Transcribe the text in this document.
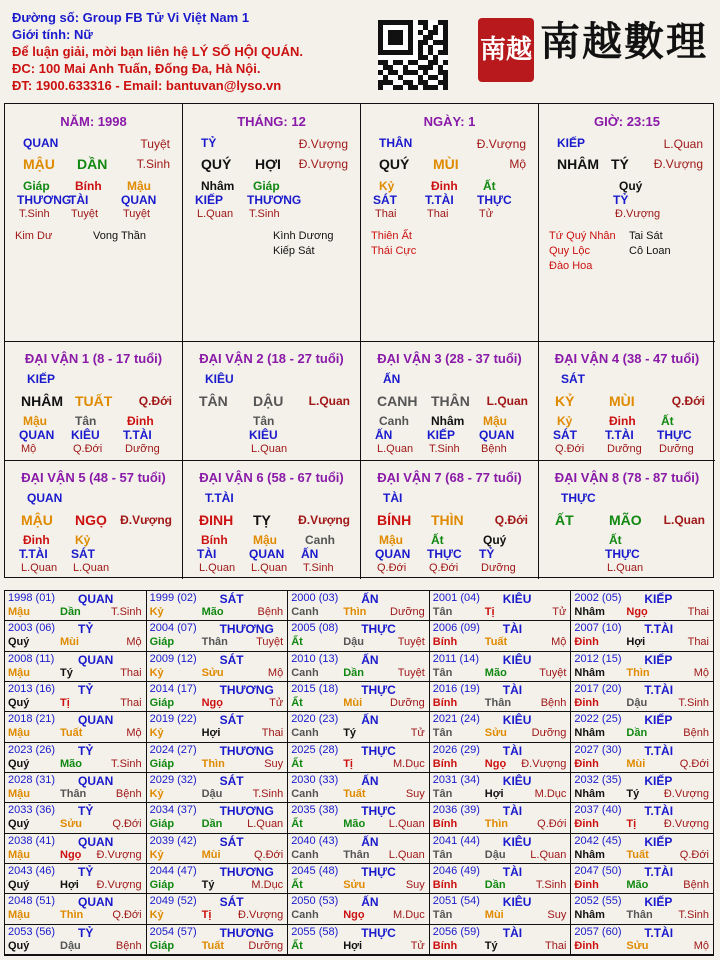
Đường số: Group FB Tử Vi Việt Nam 1
Giới tính: Nữ
Để luận giải, mời bạn liên hệ LÝ SỐ HỘI QUÁN.
ĐC: 100 Mai Anh Tuấn, Đống Đa, Hà Nội.
ĐT: 1900.633316 - Email: bantuvan@lyso.vn
南越 南越數理
NĂM: 1998
QUAN
MẬU DẦN
Tuyệt
T.Sinh
Giáp
THƯƠNG
T.Sinh
Bính
TÀI
Tuyệt
Mậu
QUAN
Tuyệt
Kim Dư	Vong Thần
THÁNG: 12
TỶ
QUÝ HỢI
Đ.Vượng
Đ.Vượng
Nhâm
KIẾP
L.Quan
Giáp
THƯƠNG
T.Sinh
Kình Dương
Kiếp Sát
NGÀY: 1
THÂN
QUÝ MÙI
Đ.Vượng
Mộ
Kỷ
SÁT
Thai
Đinh
T.TÀI
Thai
Ất
THỰC
Tử
Thiên Ất
Thái Cực
GIỜ: 23:15
KIẾP
NHÂM TÝ
L.Quan
Đ.Vượng
Quý
TỶ
Đ.Vượng
Tứ Quý Nhân Tai Sát
Quy Lộc	Cô Loan
Đào Hoa
ĐẠI VẬN 1 (8 - 17 tuổi)
KIẾP
NHÂM TUẤT Q.Đới
Mậu
QUAN
Mộ
Tân
KIÊU
Q.Đới
Đinh
T.TÀI
Dưỡng
ĐẠI VẬN 2 (18 - 27 tuổi)
KIÊU
TÂN DẬU L.Quan
Tân
KIÊU
L.Quan
ĐẠI VẬN 3 (28 - 37 tuổi)
ẤN
CANH THÂN L.Quan
Canh
ẤN
L.Quan
Nhâm
KIẾP
T.Sinh
Mậu
QUAN
Bệnh
ĐẠI VẬN 4 (38 - 47 tuổi)
SÁT
KỶ MÙI	Q.Đới
Kỷ
SÁT
Q.Đới
Đinh
T.TÀI
Dưỡng
Ất
THỰC
Dưỡng
ĐẠI VẬN 5 (48 - 57 tuổi)
QUAN
MẬU NGỌ Đ.Vượng
Đinh
T.TÀI
L.Quan
Kỷ
SÁT
L.Quan
ĐẠI VẬN 6 (58 - 67 tuổi)
T.TÀI
ĐINH TỴ Đ.Vượng
Bính
TÀI
L.Quan
Mậu
QUAN
L.Quan
Canh
ẤN
T.Sinh
ĐẠI VẬN 7 (68 - 77 tuổi)
TÀI
BÍNH THÌN	Q.Đới
Mậu
QUAN
Q.Đới
Ất
THỰC
Q.Đới
Quý
TỶ
Dưỡng
ĐẠI VẬN 8 (78 - 87 tuổi)
THỰC
ẤT	MÃO L.Quan
Ất
THỰC
L.Quan
1998 (01) QUAN
Mậu	Dần	T.Sinh
1999 (02) SÁT
Kỷ	Mão	Bệnh
2000 (03) ẤN
Canh Thìn Dưỡng
2001 (04) KIÊU
Tân	Tị	Tử
2002 (05) KIẾP
Nhâm Ngọ	Thai
2003 (06) TỶ
Quý	Mùi	Mộ
2004 (07) THƯƠNG
Giáp	Thân	Tuyệt
2005 (08) THỰC
Ất	Dậu	Tuyệt
2006 (09) TÀI
Bính	Tuất	Mộ
2007 (10) T.TÀI
Đinh	Hợi	Thai
2008 (11) QUAN
Mậu	Tý	Thai
2009 (12) SÁT
Kỷ	Sửu	Mộ
2010 (13) ẤN
Canh Dần	Tuyệt
2011 (14) KIÊU
Tân	Mão	Tuyệt
2012 (15) KIẾP
Nhâm Thìn	Mộ
2013 (16) TỶ
Quý	Tị	Thai
2014 (17) THƯƠNG
Giáp	Ngọ	Tử
2015 (18) THỰC
Ất	Mùi	Dưỡng
2016 (19) TÀI
Bính	Thân	Bệnh
2017 (20) T.TÀI
Đinh	Dậu	T.Sinh
2018 (21) QUAN
Mậu	Tuất	Mộ
2019 (22) SÁT
Kỷ	Hợi	Thai
2020 (23) ẤN
Canh Tý	Tử
2021 (24) KIÊU
Tân	Sửu Dưỡng
2022 (25) KIẾP
Nhâm Dần	Bệnh
2023 (26) TỶ
Quý	Mão	T.Sinh
2024 (27) THƯƠNG
Giáp	Thìn	Suy
2025 (28) THỰC
Ất	Tị	M.Dục
2026 (29) TÀI
Bính	Ngọ Đ.Vượng
2027 (30) T.TÀI
Đinh	Mùi	Q.Đới
2028 (31) QUAN
Mậu	Thân	Bệnh
2029 (32) SÁT
Kỷ	Dậu	T.Sinh
2030 (33) ẤN
Canh Tuất	Suy
2031 (34) KIÊU
Tân	Hợi	M.Dục
2032 (35) KIẾP
Nhâm Tý Đ.Vượng
2033 (36) TỶ
Quý	Sửu	Q.Đới
2034 (37) THƯƠNG
Giáp	Dần L.Quan
2035 (38) THỰC
Ất	Mão L.Quan
2036 (39) TÀI
Bính	Thìn	Q.Đới
2037 (40) T.TÀI
Đinh	Tị	Đ.Vượng
2038 (41) QUAN
Mậu	Ngọ Đ.Vượng
2039 (42) SÁT
Kỷ	Mùi	Q.Đới
2040 (43) ẤN
Canh Thân L.Quan
2041 (44) KIÊU
Tân	Dậu L.Quan
2042 (45) KIẾP
Nhâm Tuất	Q.Đới
2043 (46) TỶ
Quý	Hợi Đ.Vượng
2044 (47) THƯƠNG
Giáp	Tý	M.Dục
2045 (48) THỰC
Ất	Sửu	Suy
2046 (49) TÀI
Bính	Dần	T.Sinh
2047 (50) T.TÀI
Đinh	Mão	Bệnh
2048 (51) QUAN
Mậu	Thìn	Q.Đới
2049 (52) SÁT
Kỷ	Tị Đ.Vượng
2050 (53) ẤN
Canh Ngọ	M.Dục
2051 (54) KIÊU
Tân	Mùi	Suy
2052 (55) KIẾP
Nhâm Thân T.Sinh
2053 (56) TỶ
Quý	Dậu	Bệnh
2054 (57) THƯƠNG
Giáp	Tuất Dưỡng
2055 (58) THỰC
Ất	Hợi	Tử
2056 (59) TÀI
Bính	Tý	Thai
2057 (60) T.TÀI
Đinh	Sửu	Mộ
